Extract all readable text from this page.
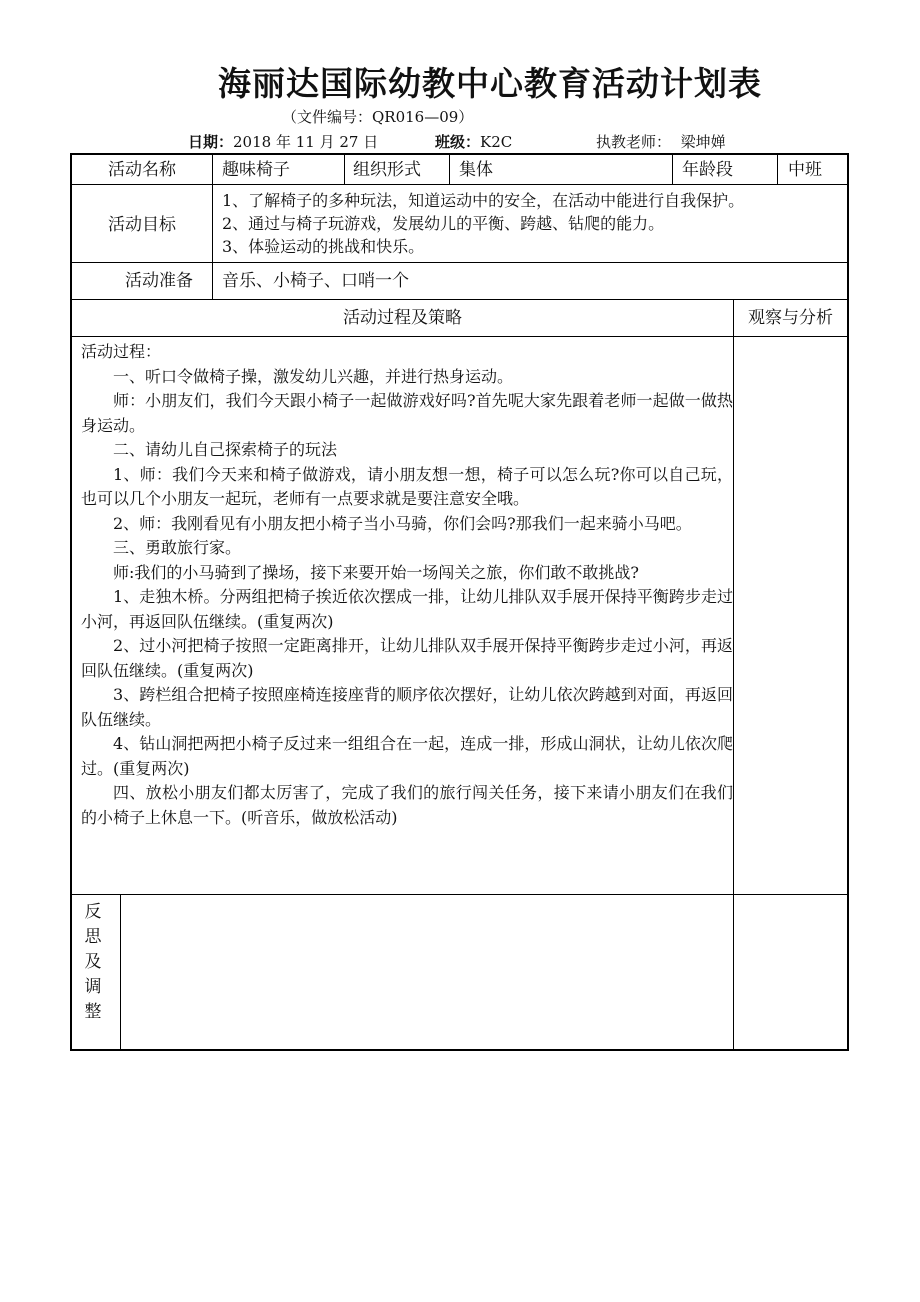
海丽达国际幼教中心教育活动计划表
（文件编号：QR016—09）
日期：2018 年 11 月 27 日	班级：K2C	执教老师： 梁坤婵
活动名称	趣味椅子	组织形式 集体	年龄段	中班
活动目标
1、了解椅子的多种玩法，知道运动中的安全，在活动中能进行自我保护。
2、通过与椅子玩游戏，发展幼儿的平衡、跨越、钻爬的能力。
3、体验运动的挑战和快乐。
活动准备 音乐、小椅子、口哨一个
活动过程及策略	观察与分析

活动过程：

一、听口令做椅子操，激发幼儿兴趣，并进行热身运动。

师：小朋友们，我们今天跟小椅子一起做游戏好吗?首先呢大家先跟着老师一起做一做热身运动。

二、请幼儿自己探索椅子的玩法

1、师：我们今天来和椅子做游戏，请小朋友想一想，椅子可以怎么玩?你可以自己玩，也可以几个小朋友一起玩，老师有一点要求就是要注意安全哦。

2、师：我刚看见有小朋友把小椅子当小马骑，你们会吗?那我们一起来骑小马吧。

三、勇敢旅行家。

师:我们的小马骑到了操场，接下来要开始一场闯关之旅，你们敢不敢挑战?

1、走独木桥。分两组把椅子挨近依次摆成一排，让幼儿排队双手展开保持平衡跨步走过小河，再返回队伍继续。(重复两次)

2、过小河把椅子按照一定距离排开，让幼儿排队双手展开保持平衡跨步走过小河，再返回队伍继续。(重复两次)

3、跨栏组合把椅子按照座椅连接座背的顺序依次摆好，让幼儿依次跨越到对面，再返回队伍继续。

4、钻山洞把两把小椅子反过来一组组合在一起，连成一排，形成山洞状，让幼儿依次爬过。(重复两次)

四、放松小朋友们都太厉害了，完成了我们的旅行闯关任务，接下来请小朋友们在我们的小椅子上休息一下。(听音乐，做放松活动)

反
思
及
调
整
